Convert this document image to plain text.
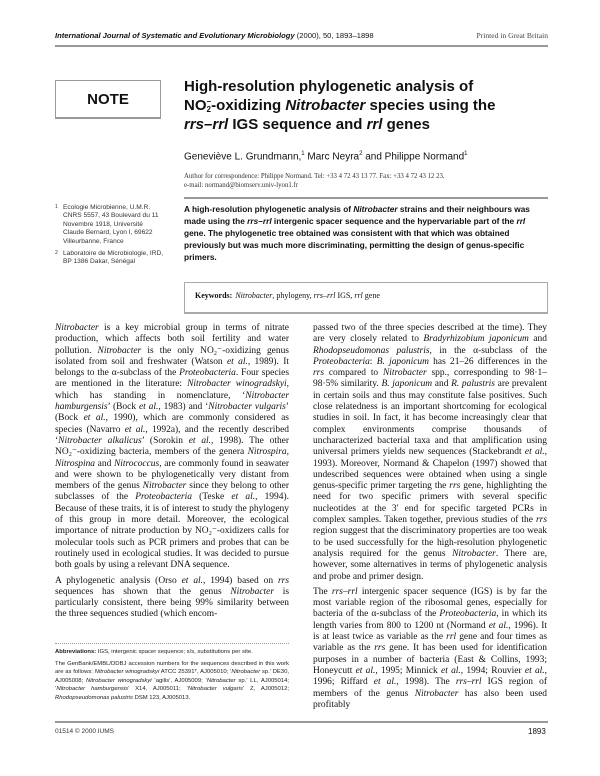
International Journal of Systematic and Evolutionary Microbiology (2000), 50, 1893–1898	Printed in Great Britain
NOTE
High-resolution phylogenetic analysis of
NO −
2 -oxidizing Nitrobacter species using the
rrs–rrl IGS sequence and rrl genes
Geneviève L. Grundmann,$^1$ Marc Neyra$^2$ and Philippe Normand$^1$
Author for correspondence: Philippe Normand. Tel: +33 4 72 43 13 77. Fax: +33 4 72 43 12 23.
e-mail: normand@biomserv.univ-lyon1.fr
1 Ecologie Microbienne, U.M.R. CNRS 5557, 43 Boulevard du 11 Novembre 1918, Université Claude Bernard, Lyon I, 69622 Villeurbanne, France
2 Laboratoire de Microbiologie, IRD, BP 1386 Dakar, Sénégal
A high-resolution phylogenetic analysis of Nitrobacter strains and their neighbours was made using the rrs–rrl intergenic spacer sequence and the hypervariable part of the rrl gene. The phylogenetic tree obtained was consistent with that which was obtained previously but was much more discriminating, permitting the design of genus-specific primers.
Keywords: Nitrobacter, phylogeny, rrs–rrl IGS, rrl gene

Nitrobacter is a key microbial group in terms of nitrate production, which affects both soil fertility and water pollution. Nitrobacter is the only NO₂⁻-oxidizing genus isolated from soil and freshwater (Watson et al., 1989). It belongs to the α-subclass of the Proteobacteria. Four species are mentioned in the literature: Nitrobacter winogradskyi, which has standing in nomenclature, ‘Nitrobacter hamburgensis’ (Bock et al., 1983) and ‘Nitrobacter vulgaris’ (Bock et al., 1990), which are commonly considered as species (Navarro et al., 1992a), and the recently described ‘Nitrobacter alkalicus’ (Sorokin et al., 1998). The other NO₂⁻-oxidizing bacteria, members of the genera Nitrospira, Nitrospina and Nitrococcus, are commonly found in seawater and were shown to be phylogenetically very distant from members of the genus Nitrobacter since they belong to other subclasses of the Proteobacteria (Teske et al., 1994). Because of these traits, it is of interest to study the phylogeny of this group in more detail. Moreover, the ecological importance of nitrate production by NO₂⁻-oxidizers calls for molecular tools such as PCR primers and probes that can be routinely used in ecological studies. It was decided to pursue both goals by using a relevant DNA sequence.

A phylogenetic analysis (Orso et al., 1994) based on rrs sequences has shown that the genus Nitrobacter is particularly consistent, there being 99% similarity between the three sequences studied (which encom-

passed two of the three species described at the time). They are very closely related to Bradyrhizobium japonicum and Rhodopseudomonas palustris, in the α-subclass of the Proteobacteria: B. japonicum has 21–26 differences in the rrs compared to Nitrobacter spp., corresponding to 98·1–98·5% similarity. B. japonicum and R. palustris are prevalent in certain soils and thus may constitute false positives. Such close relatedness is an important shortcoming for ecological studies in soil. In fact, it has become increasingly clear that complex environments comprise thousands of uncharacterized bacterial taxa and that amplification using universal primers yields new sequences (Stackebrandt et al., 1993). Moreover, Normand & Chapelon (1997) showed that undescribed sequences were obtained when using a single genus-specific primer targeting the rrs gene, highlighting the need for two specific primers with several specific nucleotides at the 3′ end for specific targeted PCRs in complex samples. Taken together, previous studies of the rrs region suggest that the discriminatory properties are too weak to be used successfully for the high-resolution phylogenetic analysis required for the genus Nitrobacter. There are, however, some alternatives in terms of phylogenetic analysis and probe and primer design.

The rrs–rrl intergenic spacer sequence (IGS) is by far the most variable region of the ribosomal genes, especially for bacteria of the α-subclass of the Proteobacteria, in which its length varies from 800 to 1200 nt (Normand et al., 1996). It is at least twice as variable as the rrl gene and four times as variable as the rrs gene. It has been used for identification purposes in a number of bacteria (East & Collins, 1993; Honeycutt et al., 1995; Minnick et al., 1994; Rouvier et al., 1996; Riffard et al., 1998). The rrs–rrl IGS region of members of the genus Nitrobacter has also been used profitably

Abbreviations: IGS, intergenic spacer sequence; s/s, substitutions per site.

The GenBank/EMBL/DDBJ accession numbers for the sequences described in this work are as follows: Nitrobacter winogradskyi ATCC 25391ᵀ, AJ005010; ‘Nitrobacter sp.’ DE30, AJ005008; Nitrobacter winogradskyi ‘agilis’, AJ005009; ‘Nitrobacter sp.’ LL, AJ005014; ‘Nitrobacter hamburgensis’ X14, AJ005011; ‘Nitrobacter vulgaris’ Z, AJ005012; Rhodopseudomonas palustris DSM 123, AJ005013.

01514 © 2000 IUMS	1893
